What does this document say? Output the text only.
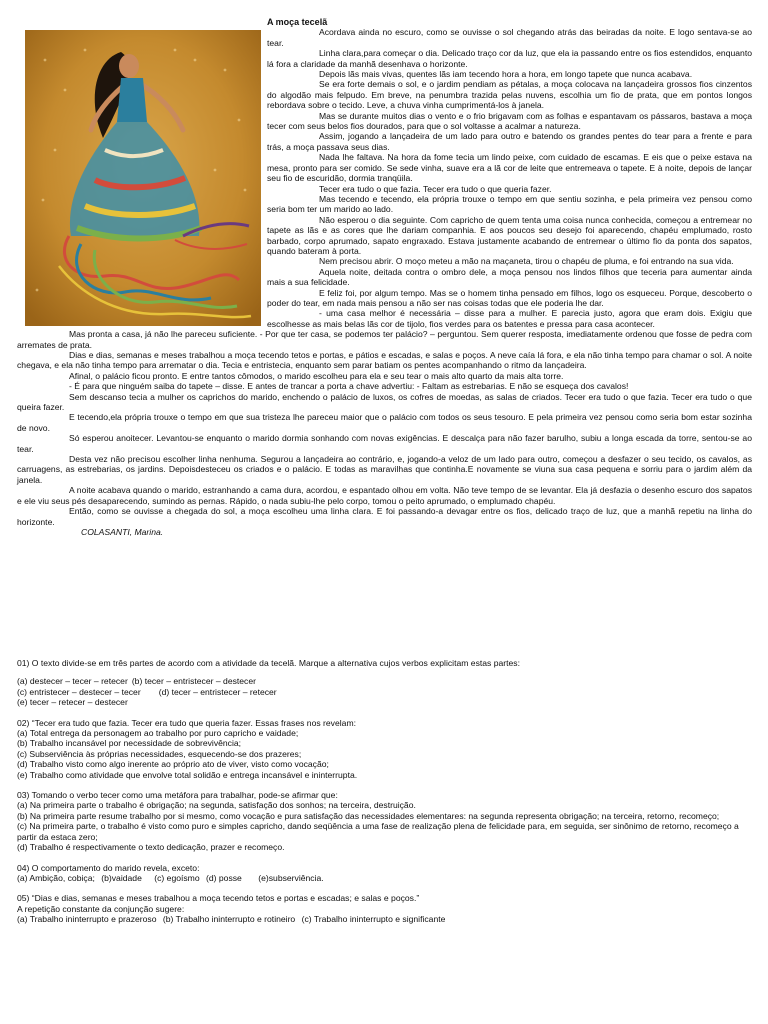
A moça tecelã

Acordava ainda no escuro, como se ouvisse o sol chegando atrás das beiradas da noite. E logo sentava-se ao tear.

Linha clara,para começar o dia. Delicado traço cor da luz, que ela ia passando entre os fios estendidos, enquanto lá fora a claridade da manhã desenhava o horizonte.

Depois lãs mais vivas, quentes lãs iam tecendo hora a hora, em longo tapete que nunca acabava.

Se era forte demais o sol, e o jardim pendiam as pétalas, a moça colocava na lançadeira grossos fios cinzentos do algodão mais felpudo. Em breve, na penumbra trazida pelas nuvens, escolhia um fio de prata, que em pontos longos rebordava sobre o tecido. Leve, a chuva vinha cumprimentá-los à janela.

Mas se durante muitos dias o vento e o frio brigavam com as folhas e espantavam os pássaros, bastava a moça tecer com seus belos fios dourados, para que o sol voltasse a acalmar a natureza.

Assim, jogando a lançadeira de um lado para outro e batendo os grandes pentes do tear para a frente e para trás, a moça passava seus dias.

Nada lhe faltava. Na hora da fome tecia um lindo peixe, com cuidado de escamas. E eis que o peixe estava na mesa, pronto para ser comido. Se sede vinha, suave era a lã cor de leite que entremeava o tapete. E à noite, depois de lançar seu fio de escuridão, dormia tranqüila.

Tecer era tudo o que fazia. Tecer era tudo o que queria fazer.

Mas tecendo e tecendo, ela própria trouxe o tempo em que sentiu sozinha, e pela primeira vez pensou como seria bom ter um marido ao lado.

Não esperou o dia seguinte. Com capricho de quem tenta uma coisa nunca conhecida, começou a entremear no tapete as lãs e as cores que lhe dariam companhia. E aos poucos seu desejo foi aparecendo, chapéu emplumado, rosto barbado, corpo aprumado, sapato engraxado. Estava justamente acabando de entremear o último fio da ponta dos sapatos, quando bateram à porta.

Nem precisou abrir. O moço meteu a mão na maçaneta, tirou o chapéu de pluma, e foi entrando na sua vida.

Aquela noite, deitada contra o ombro dele, a moça pensou nos lindos filhos que teceria para aumentar ainda mais a sua felicidade.

E feliz foi, por algum tempo. Mas se o homem tinha pensado em filhos, logo os esqueceu. Porque, descoberto o poder do tear, em nada mais pensou a não ser nas coisas todas que ele poderia lhe dar.

- uma casa melhor é necessária – disse para a mulher. E parecia justo, agora que eram dois. Exigiu que escolhesse as mais belas lãs cor de tijolo, fios verdes para os batentes e pressa para casa acontecer.

Mas pronta a casa, já não lhe pareceu suficiente. - Por que ter casa, se podemos ter palácio? – perguntou. Sem querer resposta, imediatamente ordenou que fosse de pedra com arremates de prata.

Dias e dias, semanas e meses trabalhou a moça tecendo tetos e portas, e pátios e escadas, e salas e poços. A neve caía lá fora, e ela não tinha tempo para chamar o sol. A noite chegava, e ela não tinha tempo para arrematar o dia. Tecia e entristecia, enquanto sem parar batiam os pentes acompanhando o ritmo da lançadeira.

Afinal, o palácio ficou pronto. E entre tantos cômodos, o marido escolheu para ela e seu tear o mais alto quarto da mais alta torre.

- É para que ninguém saiba do tapete – disse. E antes de trancar a porta a chave advertiu: - Faltam as estrebarias. E não se esqueça dos cavalos!

Sem descanso tecia a mulher os caprichos do marido, enchendo o palácio de luxos, os cofres de moedas, as salas de criados. Tecer era tudo o que fazia. Tecer era tudo o que queira fazer.

E tecendo,ela própria trouxe o tempo em que sua tristeza lhe pareceu maior que o palácio com todos os seus tesouro. E pela primeira vez pensou como seria bom estar sozinha de novo.

Só esperou anoitecer. Levantou-se enquanto o marido dormia sonhando com novas exigências. E descalça para não fazer barulho, subiu a longa escada da torre, sentou-se ao tear.

Desta vez não precisou escolher linha nenhuma. Segurou a lançadeira ao contrário, e, jogando-a veloz de um lado para outro, começou a desfazer o seu tecido, os cavalos, as carruagens, as estrebarias, os jardins. Depoisdesteceu os criados e o palácio. E todas as maravilhas que continha.E novamente se viuna sua casa pequena e sorriu para o jardim além da janela.

A noite acabava quando o marido, estranhando a cama dura, acordou, e espantado olhou em volta. Não teve tempo de se levantar. Ela já desfazia o desenho escuro dos sapatos e ele viu seus pés desaparecendo, sumindo as pernas. Rápido, o nada subiu-lhe pelo corpo, tomou o peito aprumado, o emplumado chapéu.

Então, como se ouvisse a chegada do sol, a moça escolheu uma linha clara. E foi passando-a devagar entre os fios, delicado traço de luz, que a manhã repetiu na linha do horizonte.

COLASANTI, Marina.

01) O texto divide-se em três partes de acordo com a atividade da tecelã. Marque a alternativa cujos verbos explicitam estas partes:

(a) destecer – tecer – retecer (b) tecer – entristecer – destecer

(c) entristecer – destecer – tecer (d) tecer – entristecer – retecer

(e) tecer – retecer – destecer

02) “Tecer era tudo que fazia. Tecer era tudo que queria fazer. Essas frases nos revelam:

(a) Total entrega da personagem ao trabalho por puro capricho e vaidade;

(b) Trabalho incansável por necessidade de sobrevivência;

(c) Subserviência às próprias necessidades, esquecendo-se dos prazeres;

(d) Trabalho visto como algo inerente ao próprio ato de viver, visto como vocação;

(e) Trabalho como atividade que envolve total solidão e entrega incansável e ininterrupta.

03) Tomando o verbo tecer como uma metáfora para trabalhar, pode-se afirmar que:

(a) Na primeira parte o trabalho é obrigação; na segunda, satisfação dos sonhos; na terceira, destruição.

(b) Na primeira parte resume trabalho por si mesmo, como vocação e pura satisfação das necessidades elementares: na segunda representa obrigação; na terceira, retorno, recomeço;

(c) Na primeira parte, o trabalho é visto como puro e simples capricho, dando seqüência a uma fase de realização plena de felicidade para, em seguida, ser sinônimo de retorno, recomeço a partir da estaca zero;

(d) Trabalho é respectivamente o texto dedicação, prazer e recomeço.

04) O comportamento do marido revela, exceto:

(a) Ambição, cobiça; (b)vaidade (c) egoísmo (d) posse (e)subserviência.

05) “Dias e dias, semanas e meses trabalhou a moça tecendo tetos e portas e escadas; e salas e poços.”

A repetição constante da conjunção sugere:

(a) Trabalho ininterrupto e prazeroso (b) Trabalho ininterrupto e rotineiro (c) Trabalho ininterrupto e significante
